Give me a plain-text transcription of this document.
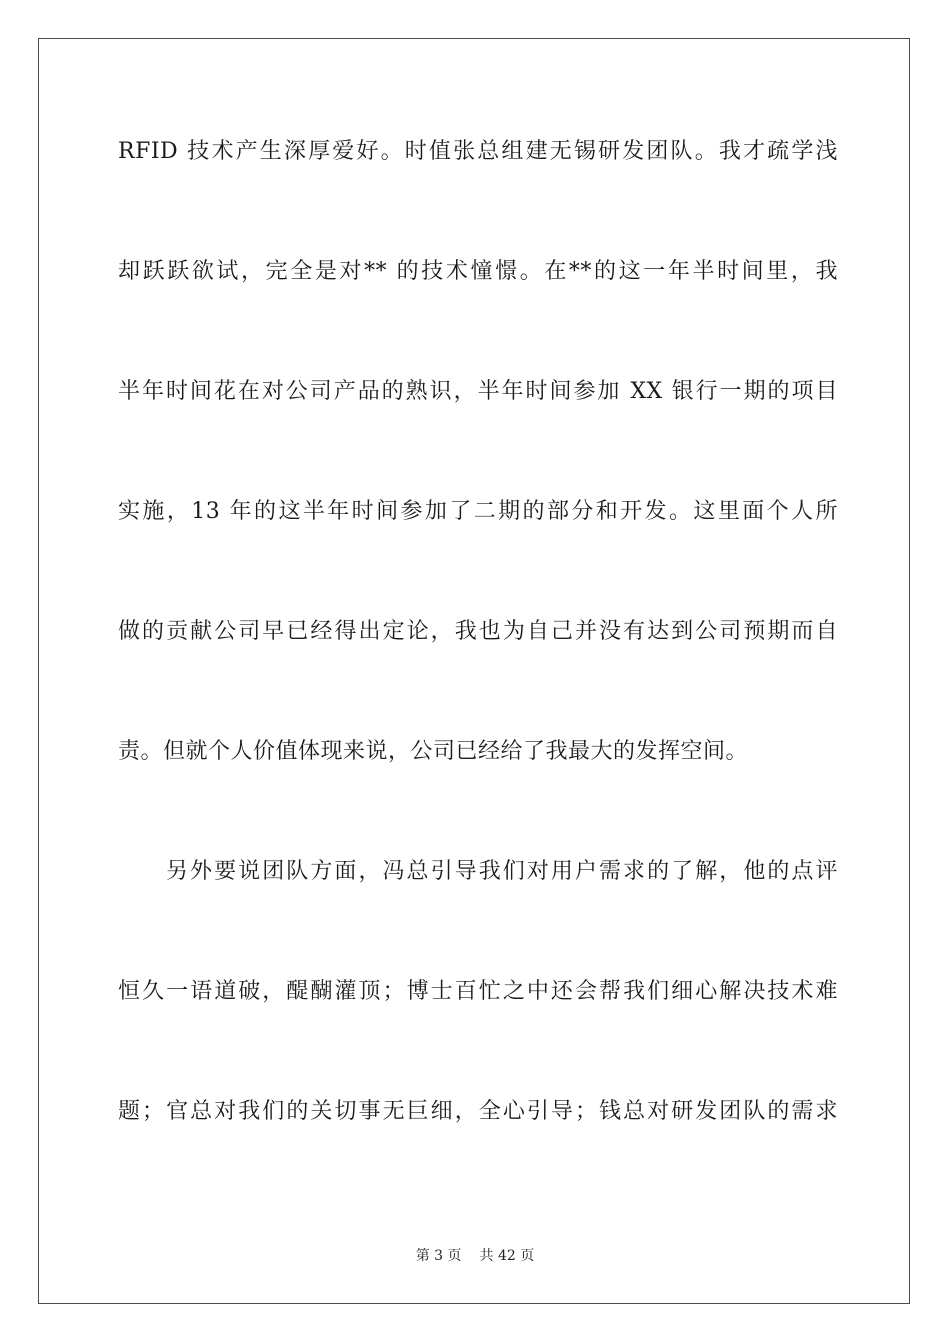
RFID 技术产生深厚爱好。时值张总组建无锡研发团队。我才疏学浅
却跃跃欲试，完全是对** 的技术憧憬。在**的这一年半时间里，我
半年时间花在对公司产品的熟识，半年时间参加 XX 银行一期的项目
实施，13 年的这半年时间参加了二期的部分和开发。这里面个人所
做的贡献公司早已经得出定论，我也为自己并没有达到公司预期而自
责。但就个人价值体现来说，公司已经给了我最大的发挥空间。
另外要说团队方面，冯总引导我们对用户需求的了解，他的点评
恒久一语道破，醍醐灌顶；博士百忙之中还会帮我们细心解决技术难
题；官总对我们的关切事无巨细，全心引导；钱总对研发团队的需求
第 3 页 共 42 页
